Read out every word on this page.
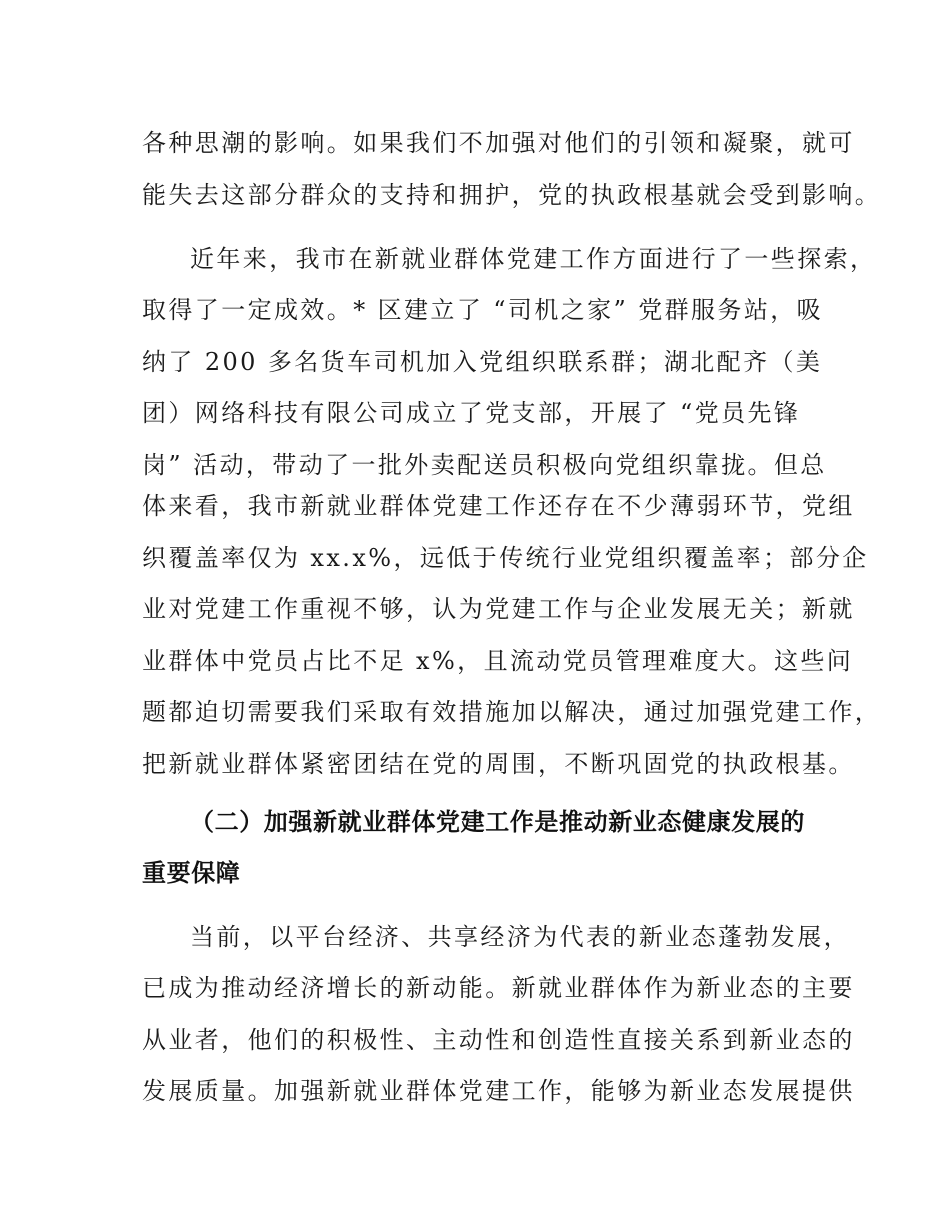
各种思潮的影响。如果我们不加强对他们的引领和凝聚，就可
能失去这部分群众的支持和拥护，党的执政根基就会受到影响。
近年来，我市在新就业群体党建工作方面进行了一些探索，
取得了一定成效。* 区建立了 “司机之家” 党群服务站，吸
纳了 200 多名货车司机加入党组织联系群；湖北配齐（美
团）网络科技有限公司成立了党支部，开展了 “党员先锋
岗” 活动，带动了一批外卖配送员积极向党组织靠拢。但总
体来看，我市新就业群体党建工作还存在不少薄弱环节，党组
织覆盖率仅为 xx.x%，远低于传统行业党组织覆盖率；部分企
业对党建工作重视不够，认为党建工作与企业发展无关；新就
业群体中党员占比不足 x%，且流动党员管理难度大。这些问
题都迫切需要我们采取有效措施加以解决，通过加强党建工作，
把新就业群体紧密团结在党的周围，不断巩固党的执政根基。
（二）加强新就业群体党建工作是推动新业态健康发展的
重要保障
当前，以平台经济、共享经济为代表的新业态蓬勃发展，
已成为推动经济增长的新动能。新就业群体作为新业态的主要
从业者，他们的积极性、主动性和创造性直接关系到新业态的
发展质量。加强新就业群体党建工作，能够为新业态发展提供
